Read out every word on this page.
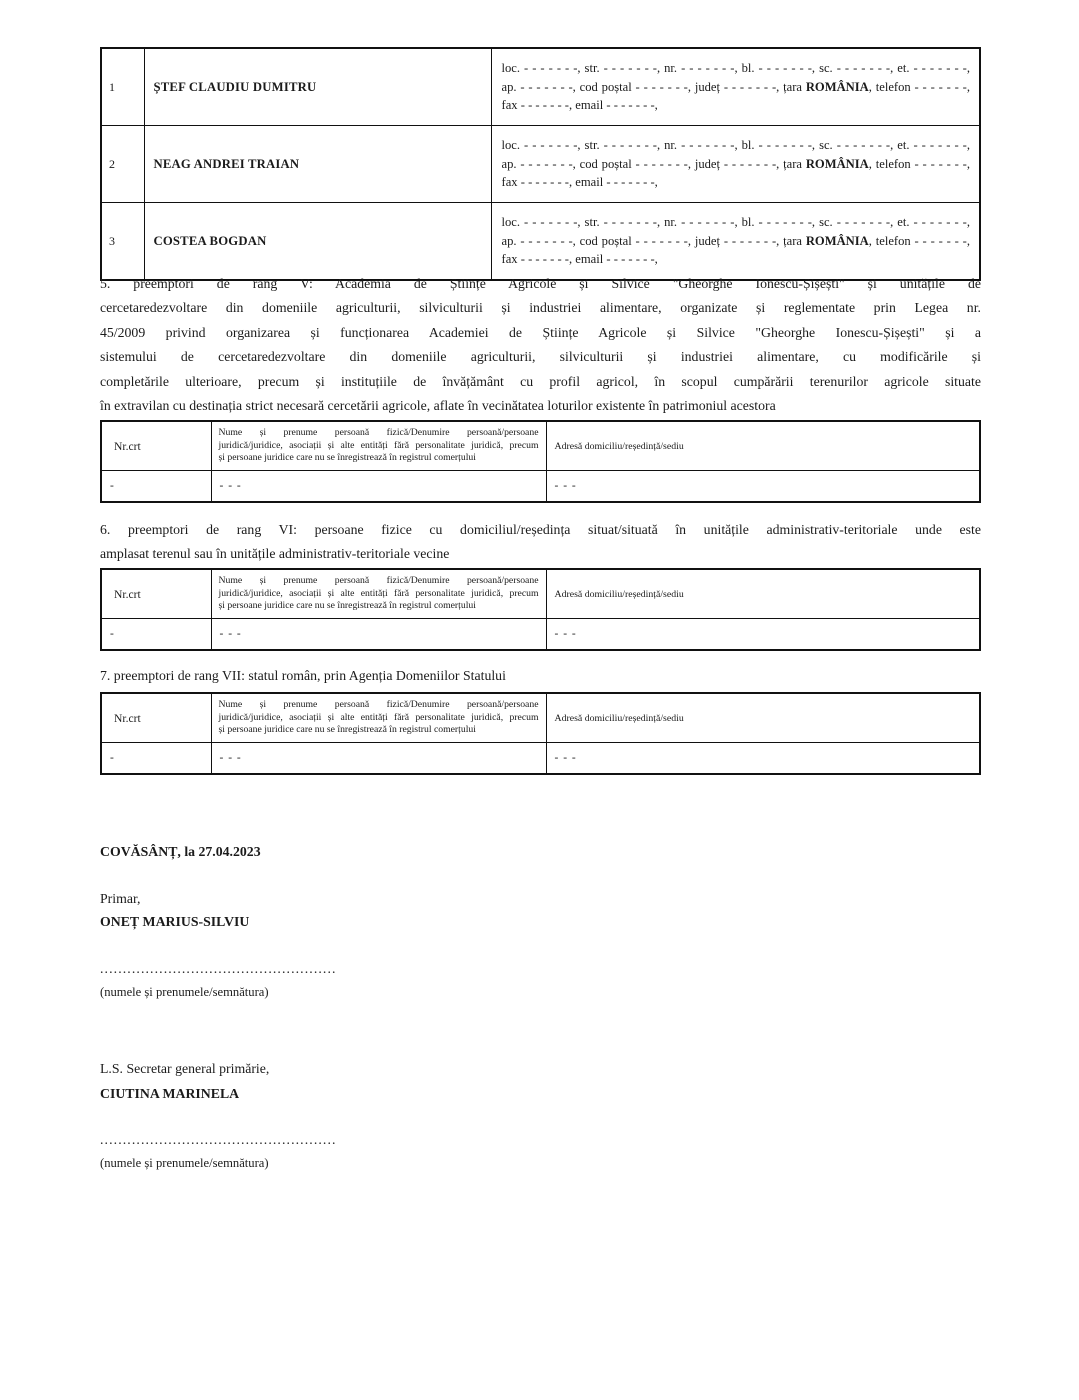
1	ȘTEF CLAUDIU DUMITRU	loc. - - - - - - -, str. - - - - - - -, nr. - - - - - - -, bl. - - - - - - -, sc. - - - - - - -, et. - - - - - - -,
ap. - - - - - - -, cod poștal - - - - - - -, județ - - - - - - -, țara ROMÂNIA, telefon - - - - - - -,
fax - - - - - - -, email - - - - - - -,

2	NEAG ANDREI TRAIAN	loc. - - - - - - -, str. - - - - - - -, nr. - - - - - - -, bl. - - - - - - -, sc. - - - - - - -, et. - - - - - - -,
ap. - - - - - - -, cod poștal - - - - - - -, județ - - - - - - -, țara ROMÂNIA, telefon - - - - - - -,
fax - - - - - - -, email - - - - - - -,

3	COSTEA BOGDAN	loc. - - - - - - -, str. - - - - - - -, nr. - - - - - - -, bl. - - - - - - -, sc. - - - - - - -, et. - - - - - - -,
ap. - - - - - - -, cod poștal - - - - - - -, județ - - - - - - -, țara ROMÂNIA, telefon - - - - - - -,
fax - - - - - - -, email - - - - - - -,
5. preemptori de rang V: Academia de Științe Agricole și Silvice "Gheorghe Ionescu-Șișești" și unitățile de
cercetaredezvoltare din domeniile agriculturii, silviculturii și industriei alimentare, organizate și reglementate prin Legea nr.
45/2009 privind organizarea și funcționarea Academiei de Științe Agricole și Silvice "Gheorghe Ionescu-Șișești" și a
sistemului de cercetaredezvoltare din domeniile agriculturii, silviculturii și industriei alimentare, cu modificările și
completările ulterioare, precum și instituțiile de învățământ cu profil agricol, în scopul cumpărării terenurilor agricole situate
în extravilan cu destinația strict necesară cercetării agricole, aflate în vecinătatea loturilor existente în patrimoniul acestora
Nr.crt	Nume și prenume persoană fizică/Denumire persoană/persoane
juridică/juridice, asociații și alte entități fără personalitate juridică, precum
și persoane juridice care nu se înregistrează în registrul comerțului	Adresă domiciliu/reședință/sediu
-	- - -	- - -
6. preemptori de rang VI: persoane fizice cu domiciliul/reședința situat/situată în unitățile administrativ-teritoriale unde este
amplasat terenul sau în unitățile administrativ-teritoriale vecine
Nr.crt	Nume și prenume persoană fizică/Denumire persoană/persoane
juridică/juridice, asociații și alte entități fără personalitate juridică, precum
și persoane juridice care nu se înregistrează în registrul comerțului	Adresă domiciliu/reședință/sediu
-	- - -	- - -
7. preemptori de rang VII: statul român, prin Agenția Domeniilor Statului
Nr.crt	Nume și prenume persoană fizică/Denumire persoană/persoane
juridică/juridice, asociații și alte entități fără personalitate juridică, precum
și persoane juridice care nu se înregistrează în registrul comerțului	Adresă domiciliu/reședință/sediu
-	- - -	- - -
COVĂSÂNȚ, la 27.04.2023
Primar,
ONEȚ MARIUS-SILVIU
....................................................
(numele și prenumele/semnătura)
L.S. Secretar general primărie,
CIUTINA MARINELA
....................................................
(numele și prenumele/semnătura)
